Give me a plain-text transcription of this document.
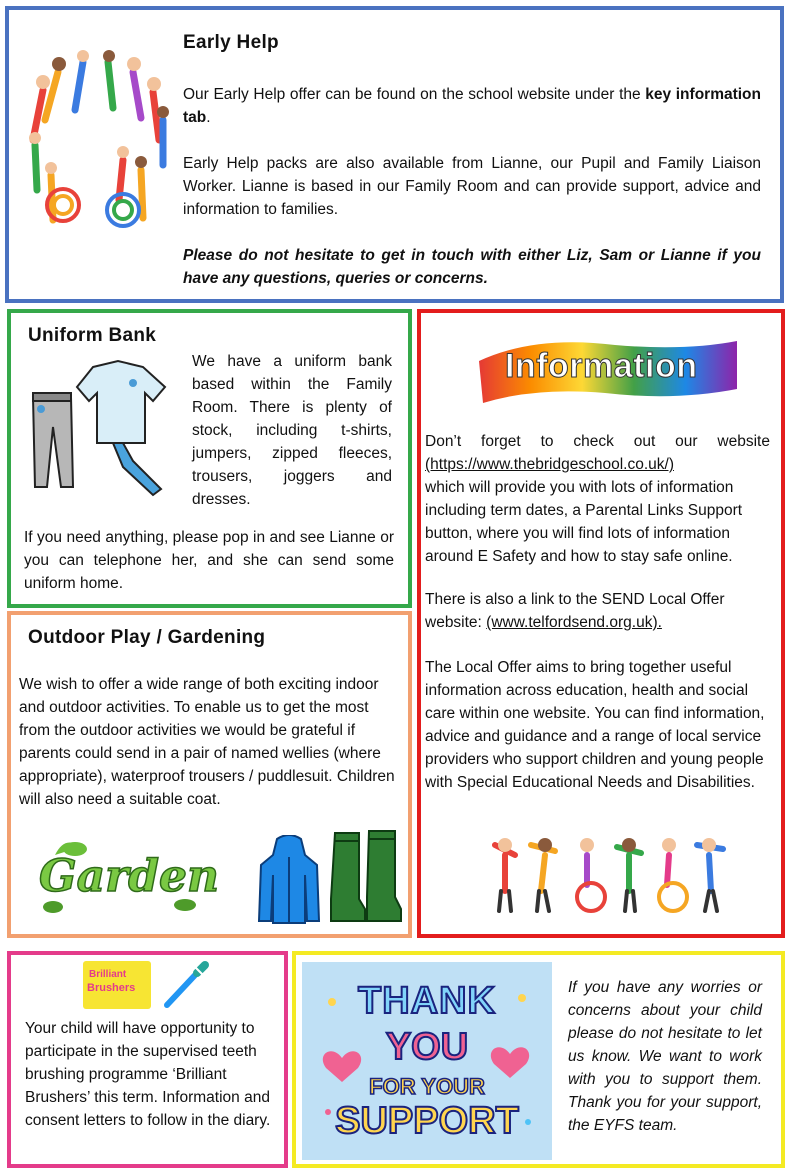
Early Help
Our Early Help offer can be found on the school website under the key information tab.
Early Help packs are also available from Lianne, our Pupil and Family Liaison Worker. Lianne is based in our Family Room and can provide support, advice and information to families.
Please do not hesitate to get in touch with either Liz, Sam or Lianne if you have any questions, queries or concerns.
Uniform Bank
We have a uniform bank based within the Family Room. There is plenty of stock, including t-shirts, jumpers, zipped fleeces, trousers, joggers and dresses.
If you need anything, please pop in and see Lianne or you can telephone her, and she can send some uniform home.
Outdoor Play / Gardening
We wish to offer a wide range of both exciting indoor and outdoor activities. To enable us to get the most from the outdoor activities we would be grateful if parents could send in a pair of named wellies (where appropriate), waterproof trousers / puddlesuit. Children will also need a suitable coat.
Garden
Information
Don’t forget to check out our website
(https://www.thebridgeschool.co.uk/)
which will provide you with lots of information including term dates, a Parental Links Support button, where you will find lots of information around E Safety and how to stay safe online.
There is also a link to the SEND Local Offer website: (www.telfordsend.org.uk).
The Local Offer aims to bring together useful information across education, health and social care within one website. You can find information, advice and guidance and a range of local service providers who support children and young people with Special Educational Needs and Disabilities.
Brilliant
Brushers
Your child will have opportunity to participate in the supervised teeth brushing programme ‘Brilliant Brushers’ this term. Information and consent letters to follow in the diary.
THANK
YOU
FOR YOUR
SUPPORT
If you have any worries or concerns about your child please do not hesitate to let us know. We want to work with you to support them. Thank you for your support, the EYFS team.
